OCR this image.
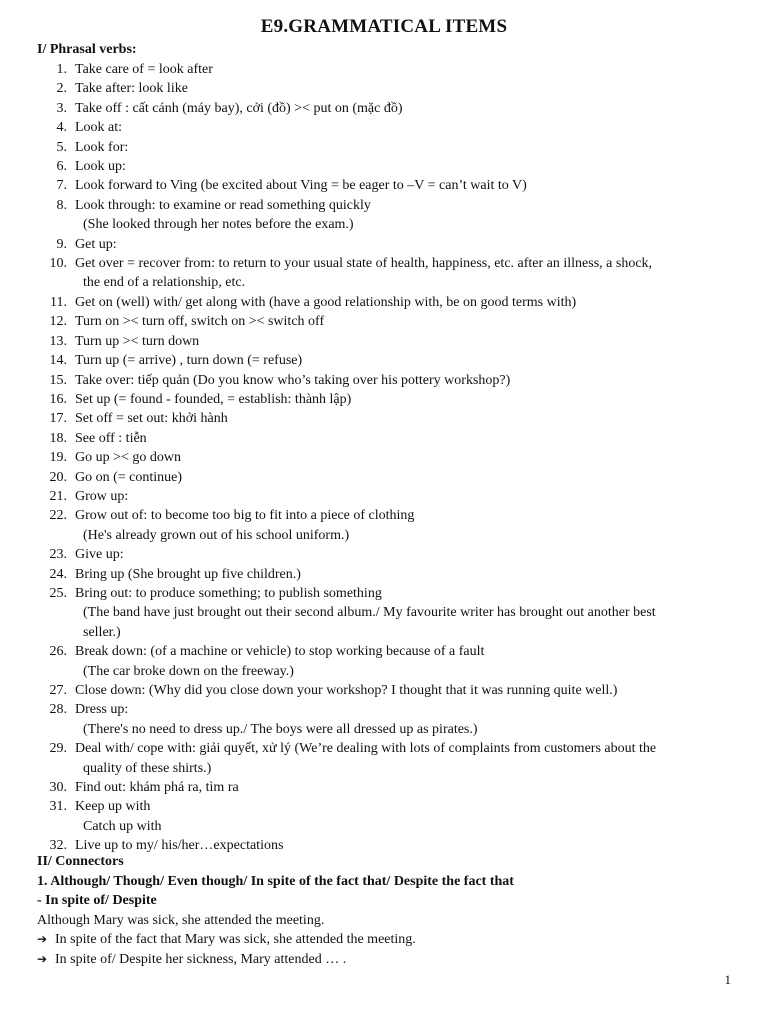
E9.GRAMMATICAL ITEMS
I/ Phrasal verbs:
1. Take care of = look after
2. Take after: look like
3. Take off : cất cánh (máy bay), cởi (đồ) >< put on (mặc đồ)
4. Look at:
5. Look for:
6. Look up:
7. Look forward to Ving (be excited about Ving = be eager to –V = can’t wait to V)
8. Look through: to examine or read something quickly
(She looked through her notes before the exam.)
9. Get up:
10. Get over = recover from: to return to your usual state of health, happiness, etc. after an illness, a shock,
the end of a relationship, etc.
11. Get on (well) with/ get along with (have a good relationship with, be on good terms with)
12. Turn on >< turn off, switch on >< switch off
13. Turn up >< turn down
14. Turn up (= arrive) , turn down (= refuse)
15. Take over: tiếp quản (Do you know who’s taking over his pottery workshop?)
16. Set up (= found - founded, = establish: thành lập)
17. Set off = set out: khởi hành
18. See off : tiễn
19. Go up >< go down
20. Go on (= continue)
21. Grow up:
22. Grow out of: to become too big to fit into a piece of clothing
(He's already grown out of his school uniform.)
23. Give up:
24. Bring up (She brought up five children.)
25. Bring out: to produce something; to publish something
(The band have just brought out their second album./ My favourite writer has brought out another best
seller.)
26. Break down: (of a machine or vehicle) to stop working because of a fault
(The car broke down on the freeway.)
27. Close down: (Why did you close down your workshop? I thought that it was running quite well.)
28. Dress up:
(There's no need to dress up./ The boys were all dressed up as pirates.)
29. Deal with/ cope with: giải quyết, xử lý (We’re dealing with lots of complaints from customers about the
quality of these shirts.)
30. Find out: khám phá ra, tìm ra
31. Keep up with
Catch up with
32. Live up to my/ his/her…expectations
II/ Connectors
1. Although/ Though/ Even though/ In spite of the fact that/ Despite the fact that
- In spite of/ Despite
Although Mary was sick, she attended the meeting.
➔ In spite of the fact that Mary was sick, she attended the meeting.
➔ In spite of/ Despite her sickness, Mary attended … .
1
